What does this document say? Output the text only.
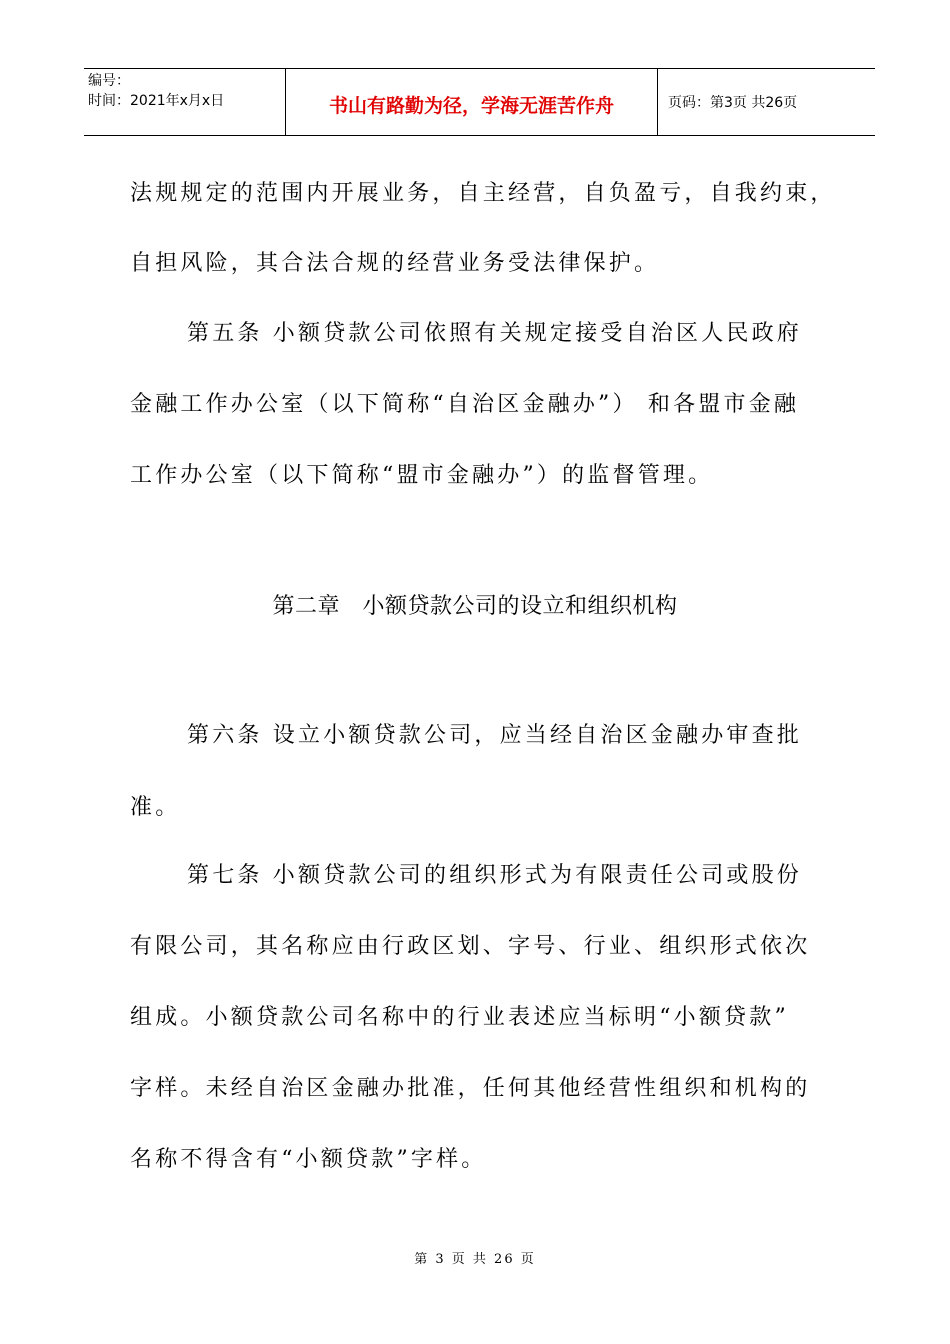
编号：
时间：2021年x月x日	书山有路勤为径，学海无涯苦作舟	页码：第3页 共26页
法规规定的范围内开展业务，自主经营，自负盈亏，自我约束，
自担风险，其合法合规的经营业务受法律保护。
第五条 小额贷款公司依照有关规定接受自治区人民政府
金融工作办公室（以下简称“自治区金融办”） 和各盟市金融
工作办公室（以下简称“盟市金融办”）的监督管理。
第二章   小额贷款公司的设立和组织机构
第六条 设立小额贷款公司，应当经自治区金融办审查批
准。
第七条 小额贷款公司的组织形式为有限责任公司或股份
有限公司，其名称应由行政区划、字号、行业、组织形式依次
组成。小额贷款公司名称中的行业表述应当标明“小额贷款”
字样。未经自治区金融办批准，任何其他经营性组织和机构的
名称不得含有“小额贷款”字样。
第 3 页 共 26 页
